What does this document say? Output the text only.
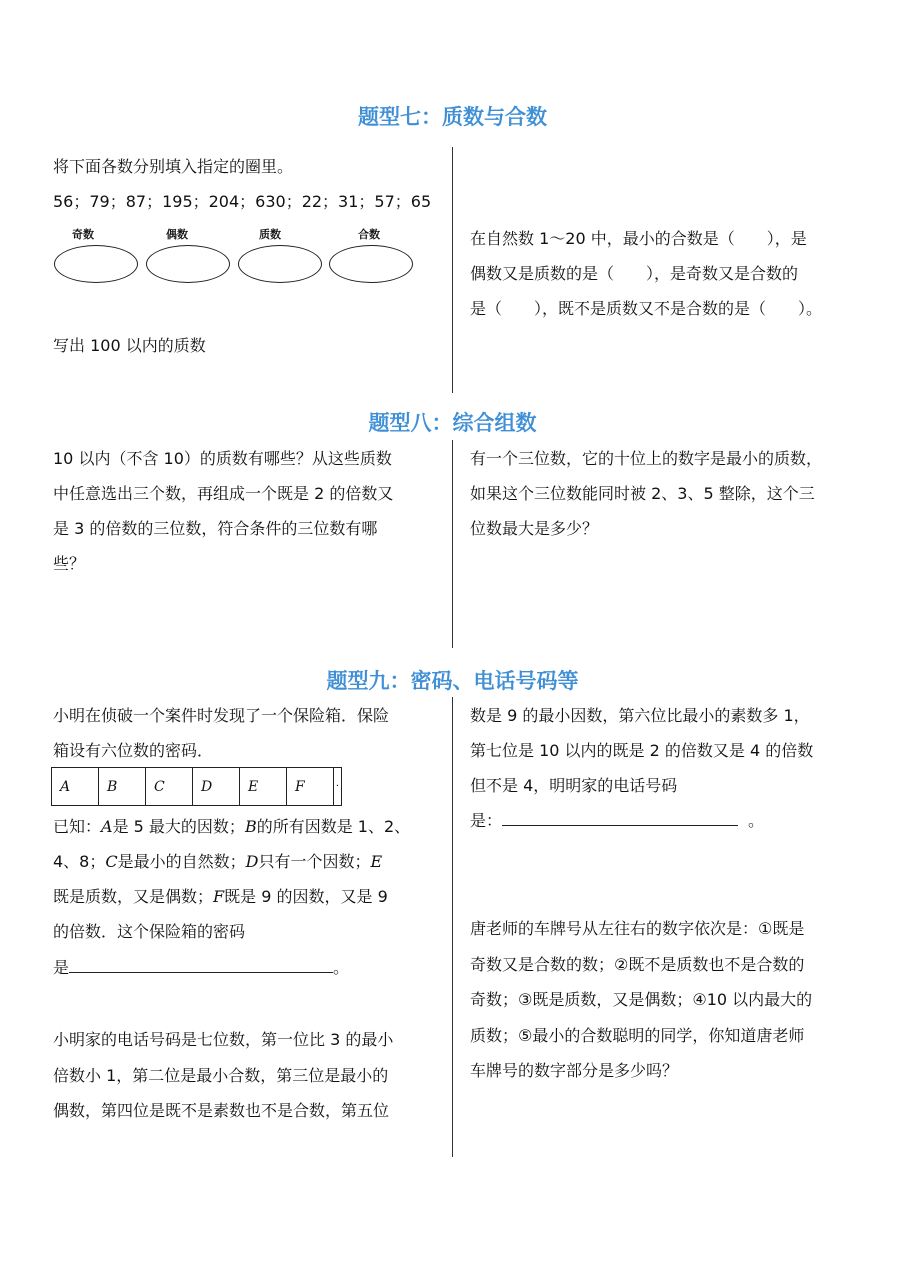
题型七：质数与合数
将下面各数分别填入指定的圈里。
56；79；87；195；204；630；22；31；57；65
奇数	偶数	质数	合数
写出 100 以内的质数
在自然数 1～20 中，最小的合数是（　　），是
偶数又是质数的是（　　），是奇数又是合数的
是（　　），既不是质数又不是合数的是（　　）。
题型八：综合组数
10 以内（不含 10）的质数有哪些？从这些质数
中任意选出三个数，再组成一个既是 2 的倍数又
是 3 的倍数的三位数，符合条件的三位数有哪
些？
有一个三位数，它的十位上的数字是最小的质数，
如果这个三位数能同时被 2、3、5 整除，这个三
位数最大是多少？
题型九：密码、电话号码等
小明在侦破一个案件时发现了一个保险箱．保险
箱设有六位数的密码．
A	B	C	D	E	F	·
已知：A是 5 最大的因数；B的所有因数是 1、2、
4、8；C是最小的自然数；D只有一个因数；E
既是质数，又是偶数；F既是 9 的因数，又是 9
的倍数．这个保险箱的密码
是	。
小明家的电话号码是七位数，第一位比 3 的最小
倍数小 1，第二位是最小合数，第三位是最小的
偶数，第四位是既不是素数也不是合数，第五位
数是 9 的最小因数，第六位比最小的素数多 1，
第七位是 10 以内的既是 2 的倍数又是 4 的倍数
但不是 4，明明家的电话号码
是：	。
唐老师的车牌号从左往右的数字依次是：①既是
奇数又是合数的数；②既不是质数也不是合数的
奇数；③既是质数，又是偶数；④10 以内最大的
质数；⑤最小的合数聪明的同学，你知道唐老师
车牌号的数字部分是多少吗？
